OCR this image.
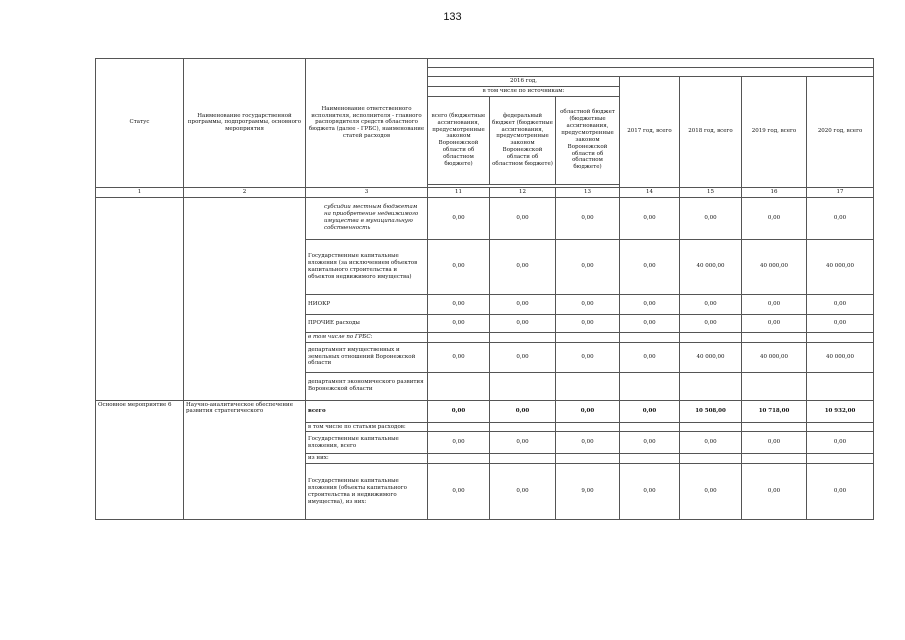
133
Статус	Наименование государственной программы, подпрограммы, основного мероприятия	Наименование ответственного исполнителя, исполнителя - главного распорядителя средств областного бюджета (далее - ГРБС), наименование статей расходов							

			2016 год,			2017 год, всего	2018 год, всего	2019 год, всего	2020 год, всего
			в том числе по источникам:						
			всего (бюджетные ассигнования, предусмотренные законом Воронежской области об областном бюджете)	федеральный бюджет (бюджетные ассигнования, предусмотренные законом Воронежской области об областном бюджете)	областной бюджет (бюджетные ассигнования, предусмотренные законом Воронежской области об областном бюджете)				

1	2	3	11	12	13	14	15	16	17
		субсидии местным бюджетам на приобретение недвижимого имущества в муниципальную собственность	0,00	0,00	0,00	0,00	0,00	0,00	0,00
		Государственные капитальные вложения (за исключением объектов капитального строительства и объектов недвижимого имущества)	0,00	0,00	0,00	0,00	40 000,00	40 000,00	40 000,00
		НИОКР	0,00	0,00	0,00	0,00	0,00	0,00	0,00
		ПРОЧИЕ расходы	0,00	0,00	0,00	0,00	0,00	0,00	0,00
		в том числе по ГРБС:							
		департамент имущественных и земельных отношений Воронежской области	0,00	0,00	0,00	0,00	40 000,00	40 000,00	40 000,00
		департамент экономического развития Воронежской области							
Основное мероприятие 6	Научно-аналитическое обеспечение развития стратегического	всего	0,00	0,00	0,00	0,00	10 508,00	10 718,00	10 932,00
		в том числе по статьям расходов:							
		Государственные капитальные вложения, всего	0,00	0,00	0,00	0,00	0,00	0,00	0,00
		из них:							
		Государственные капитальные вложения (объекты капитального строительства и недвижимого имущества), из них:	0,00	0,00	9,00	0,00	0,00	0,00	0,00
